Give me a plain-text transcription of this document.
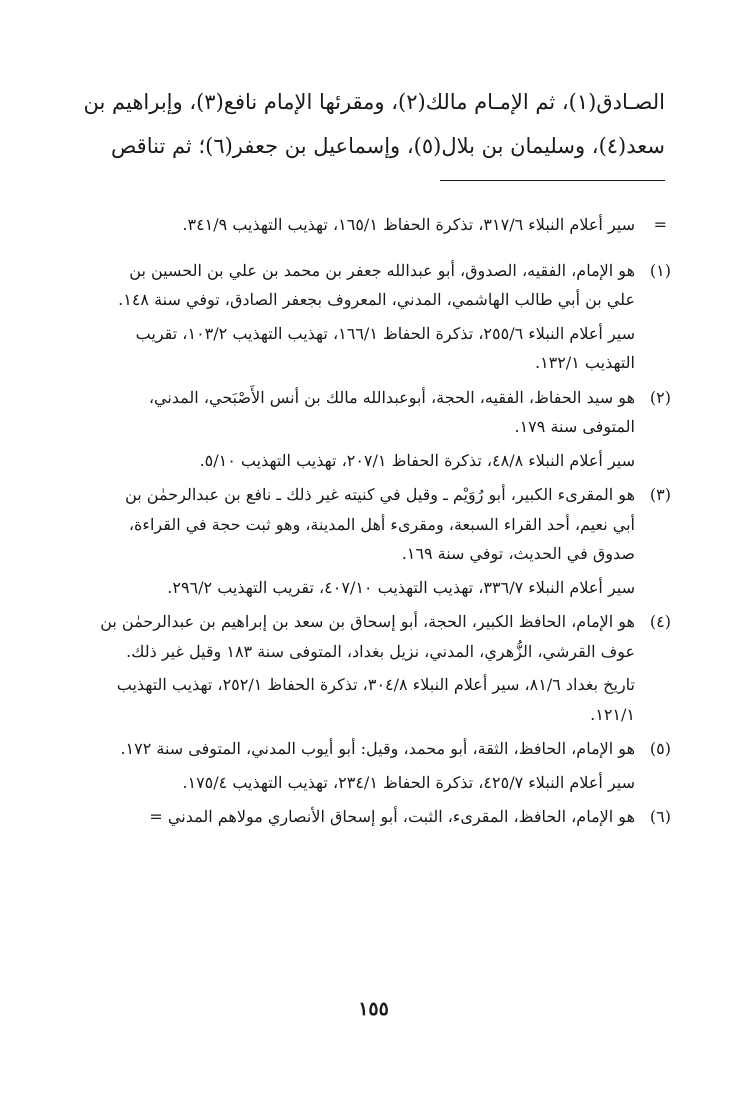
الصـادق(١)، ثم الإمـام مالك(٢)، ومقرئها الإمام نافع(٣)، وإبراهيم بن
سعد(٤)، وسليمان بن بلال(٥)، وإسماعيل بن جعفر(٦)؛ ثم تناقص
=

سير أعلام النبلاء ٣١٧/٦، تذكرة الحفاظ ١٦٥/١، تهذيب التهذيب ٣٤١/٩.

(١)

هو الإمام، الفقيه، الصدوق، أبو عبدالله جعفر بن محمد بن علي بن الحسين بن علي بن أبي طالب الهاشمي، المدني، المعروف بجعفر الصادق، توفي سنة ١٤٨.

سير أعلام النبلاء ٢٥٥/٦، تذكرة الحفاظ ١٦٦/١، تهذيب التهذيب ١٠٣/٢، تقريب التهذيب ١٣٢/١.

(٢)

هو سيد الحفاظ، الفقيه، الحجة، أبوعبدالله مالك بن أنس الأَصْبَحي، المدني، المتوفى سنة ١٧٩.

سير أعلام النبلاء ٤٨/٨، تذكرة الحفاظ ٢٠٧/١، تهذيب التهذيب ٥/١٠.

(٣)

هو المقرىء الكبير، أبو رُوَيْم ـ وقيل في كنيته غير ذلك ـ نافع بن عبدالرحمٰن بن أبي نعيم، أحد القراء السبعة، ومقرىء أهل المدينة، وهو ثبت حجة في القراءة، صدوق في الحديث، توفي سنة ١٦٩.

سير أعلام النبلاء ٣٣٦/٧، تهذيب التهذيب ٤٠٧/١٠، تقريب التهذيب ٢٩٦/٢.

(٤)

هو الإمام، الحافظ الكبير، الحجة، أبو إسحاق بن سعد بن إبراهيم بن عبدالرحمٰن بن عوف القرشي، الزُّهري، المدني، نزيل بغداد، المتوفى سنة ١٨٣ وقيل غير ذلك.

تاريخ بغداد ٨١/٦، سير أعلام النبلاء ٣٠٤/٨، تذكرة الحفاظ ٢٥٢/١، تهذيب التهذيب ١٢١/١.

(٥)

هو الإمام، الحافظ، الثقة، أبو محمد، وقيل: أبو أيوب المدني، المتوفى سنة ١٧٢.

سير أعلام النبلاء ٤٢٥/٧، تذكرة الحفاظ ٢٣٤/١، تهذيب التهذيب ١٧٥/٤.

(٦)

هو الإمام، الحافظ، المقرىء، الثبت، أبو إسحاق الأنصاري مولاهم المدني =

١٥٥
